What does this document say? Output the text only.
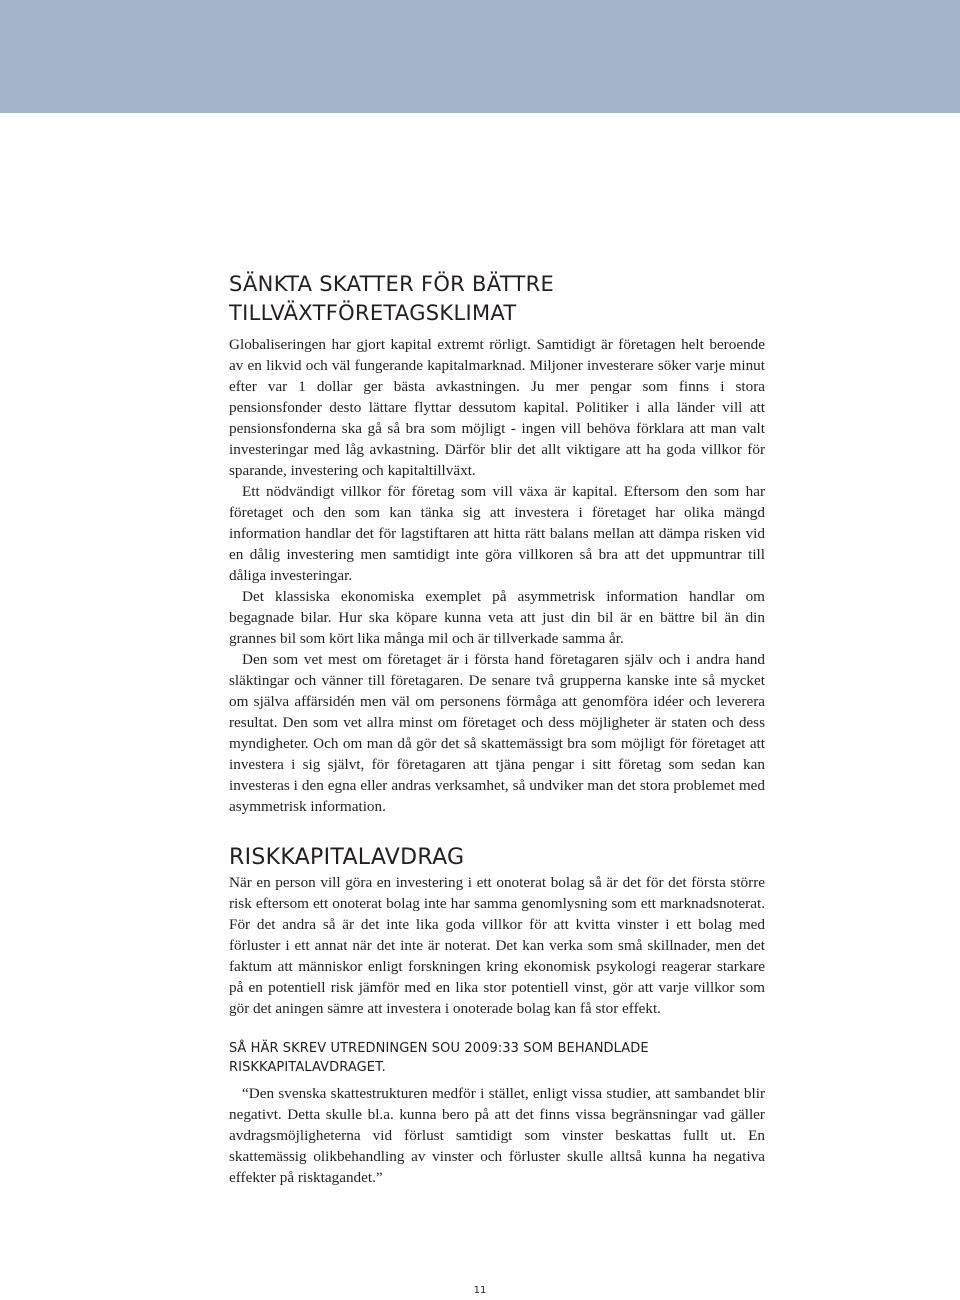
SÄNKTA SKATTER FÖR BÄTTRE
TILLVÄXTFÖRETAGSKLIMAT

Globaliseringen har gjort kapital extremt rörligt. Samtidigt är företagen helt beroende av en likvid och väl fungerande kapitalmarknad. Miljoner investerare söker varje minut efter var 1 dollar ger bästa avkastningen. Ju mer pengar som finns i stora pensionsfonder desto lättare flyttar dessutom kapital. Politiker i alla länder vill att pensionsfonderna ska gå så bra som möjligt - ingen vill behöva förklara att man valt investeringar med låg avkastning. Därför blir det allt viktigare att ha goda villkor för sparande, investering och kapitaltillväxt.

Ett nödvändigt villkor för företag som vill växa är kapital. Eftersom den som har företaget och den som kan tänka sig att investera i företaget har olika mängd information handlar det för lagstiftaren att hitta rätt balans mellan att dämpa risken vid en dålig investering men samtidigt inte göra villkoren så bra att det uppmuntrar till dåliga investeringar.

Det klassiska ekonomiska exemplet på asymmetrisk information handlar om begagnade bilar. Hur ska köpare kunna veta att just din bil är en bättre bil än din grannes bil som kört lika många mil och är tillverkade samma år.

Den som vet mest om företaget är i första hand företagaren själv och i andra hand släktingar och vänner till företagaren. De senare två grupperna kanske inte så mycket om själva affärsidén men väl om personens förmåga att genomföra idéer och leverera resultat. Den som vet allra minst om företaget och dess möjligheter är staten och dess myndigheter. Och om man då gör det så skattemässigt bra som möjligt för företaget att investera i sig självt, för företagaren att tjäna pengar i sitt företag som sedan kan investeras i den egna eller andras verksamhet, så undviker man det stora problemet med asymmetrisk information.

RISKKAPITALAVDRAG

När en person vill göra en investering i ett onoterat bolag så är det för det första större risk eftersom ett onoterat bolag inte har samma genomlysning som ett marknadsnoterat. För det andra så är det inte lika goda villkor för att kvitta vinster i ett bolag med förluster i ett annat när det inte är noterat. Det kan verka som små skillnader, men det faktum att människor enligt forskningen kring ekonomisk psykologi reagerar starkare på en potentiell risk jämför med en lika stor potentiell vinst, gör att varje villkor som gör det aningen sämre att investera i onoterade bolag kan få stor effekt.

SÅ HÄR SKREV UTREDNINGEN SOU 2009:33 SOM BEHANDLADE
RISKKAPITALAVDRAGET.

“Den svenska skattestrukturen medför i stället, enligt vissa studier, att sambandet blir negativt. Detta skulle bl.a. kunna bero på att det finns vissa begränsningar vad gäller avdragsmöjligheterna vid förlust samtidigt som vinster beskattas fullt ut. En skattemässig olikbehandling av vinster och förluster skulle alltså kunna ha negativa effekter på risktagandet.”

11
